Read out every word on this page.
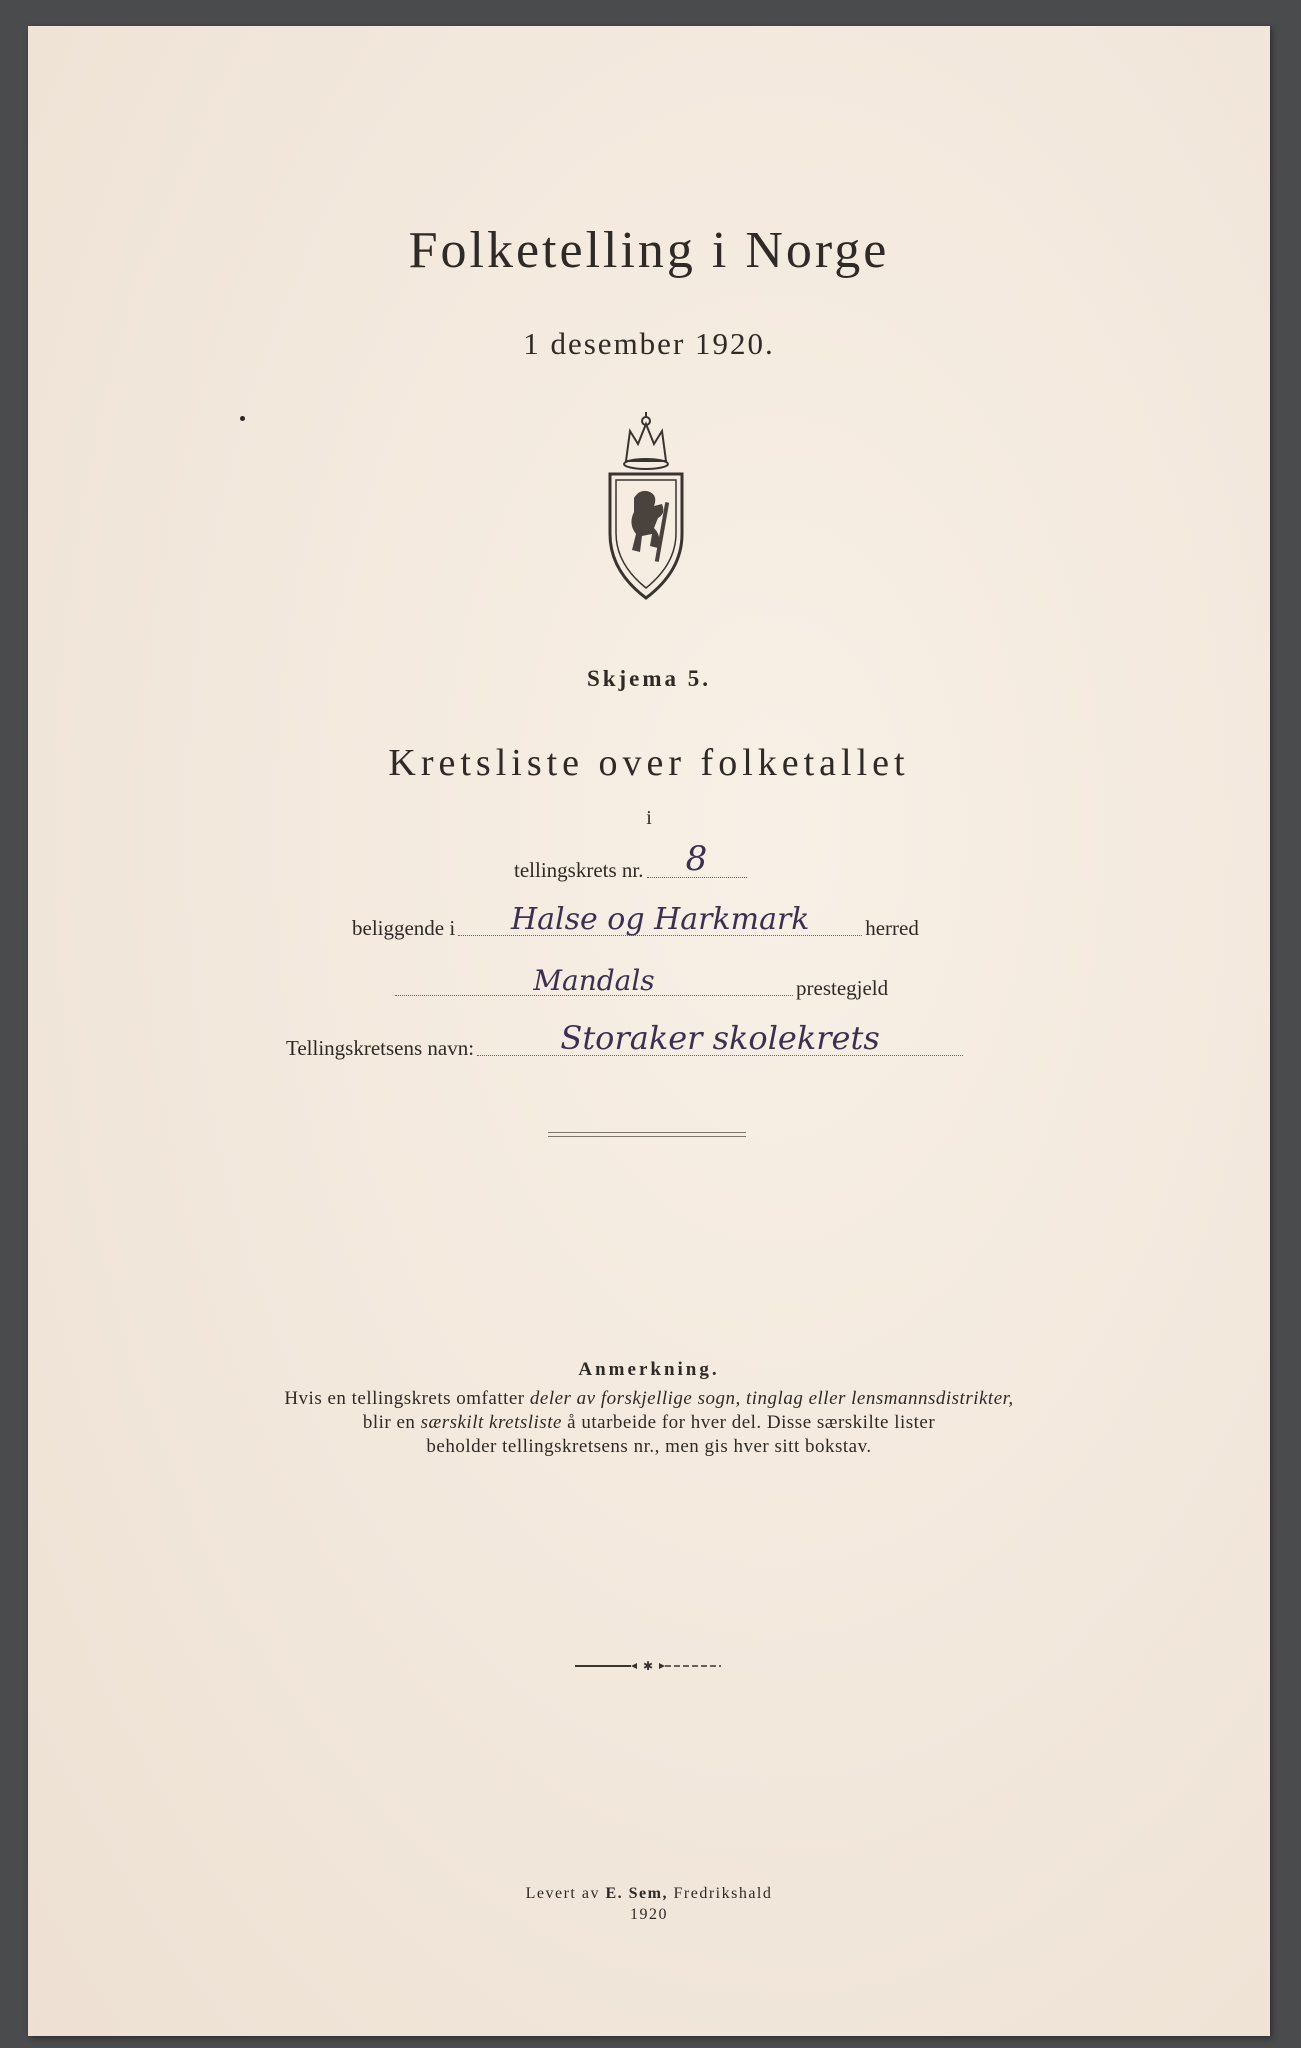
Folketelling i Norge
1 desember 1920.
Skjema 5.
Kretsliste over folketallet
i
tellingskrets nr.	8
beliggende i	Halse og Harkmark	herred
Mandals	prestegjeld
Tellingskretsens navn:	Storaker skolekrets
Anmerkning.
Hvis en tellingskrets omfatter deler av forskjellige sogn, tinglag eller lensmannsdistrikter,
blir en særskilt kretsliste å utarbeide for hver del. Disse særskilte lister
beholder tellingskretsens nr., men gis hver sitt bokstav.
✱
Levert av E. Sem, Fredrikshald
1920
